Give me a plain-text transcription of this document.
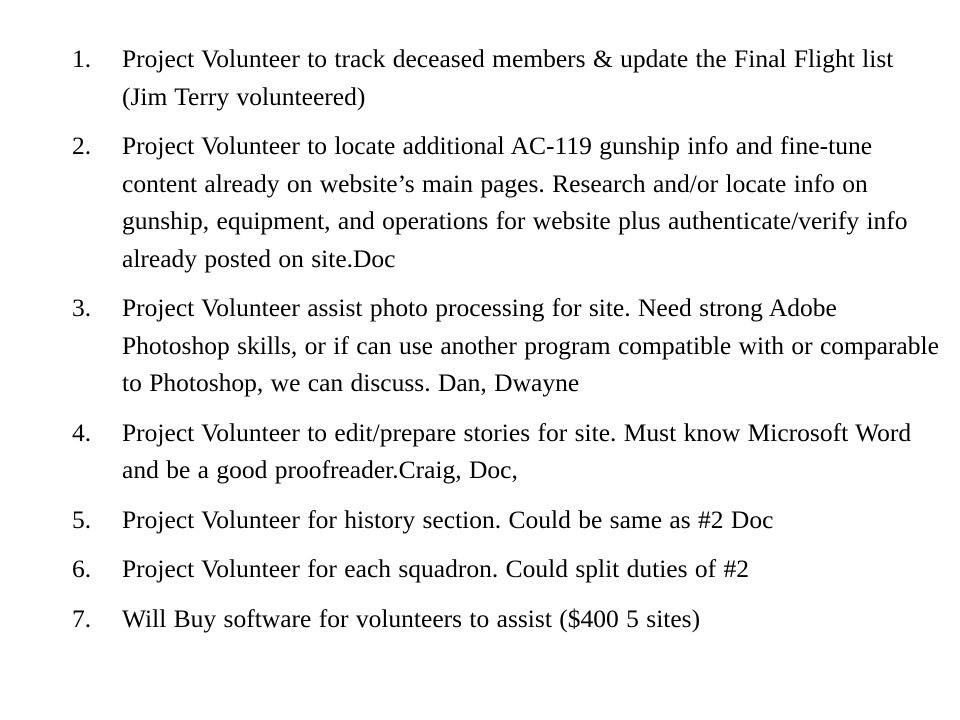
1.	Project Volunteer to track deceased members & update the Final Flight list (Jim Terry volunteered)
2.	Project Volunteer to locate additional AC-119 gunship info and fine-tune content already on website’s main pages. Research and/or locate info on gunship, equipment, and operations for website plus authenticate/verify info already posted on site.Doc
3.	Project Volunteer assist photo processing for site. Need strong Adobe Photoshop skills, or if can use another program compatible with or comparable to Photoshop, we can discuss. Dan, Dwayne
4.	Project Volunteer to edit/prepare stories for site. Must know Microsoft Word and be a good proofreader.Craig, Doc,
5.	Project Volunteer for history section. Could be same as #2 Doc
6.	Project Volunteer for each squadron. Could split duties of #2
7.	Will Buy software for volunteers to assist ($400 5 sites)
